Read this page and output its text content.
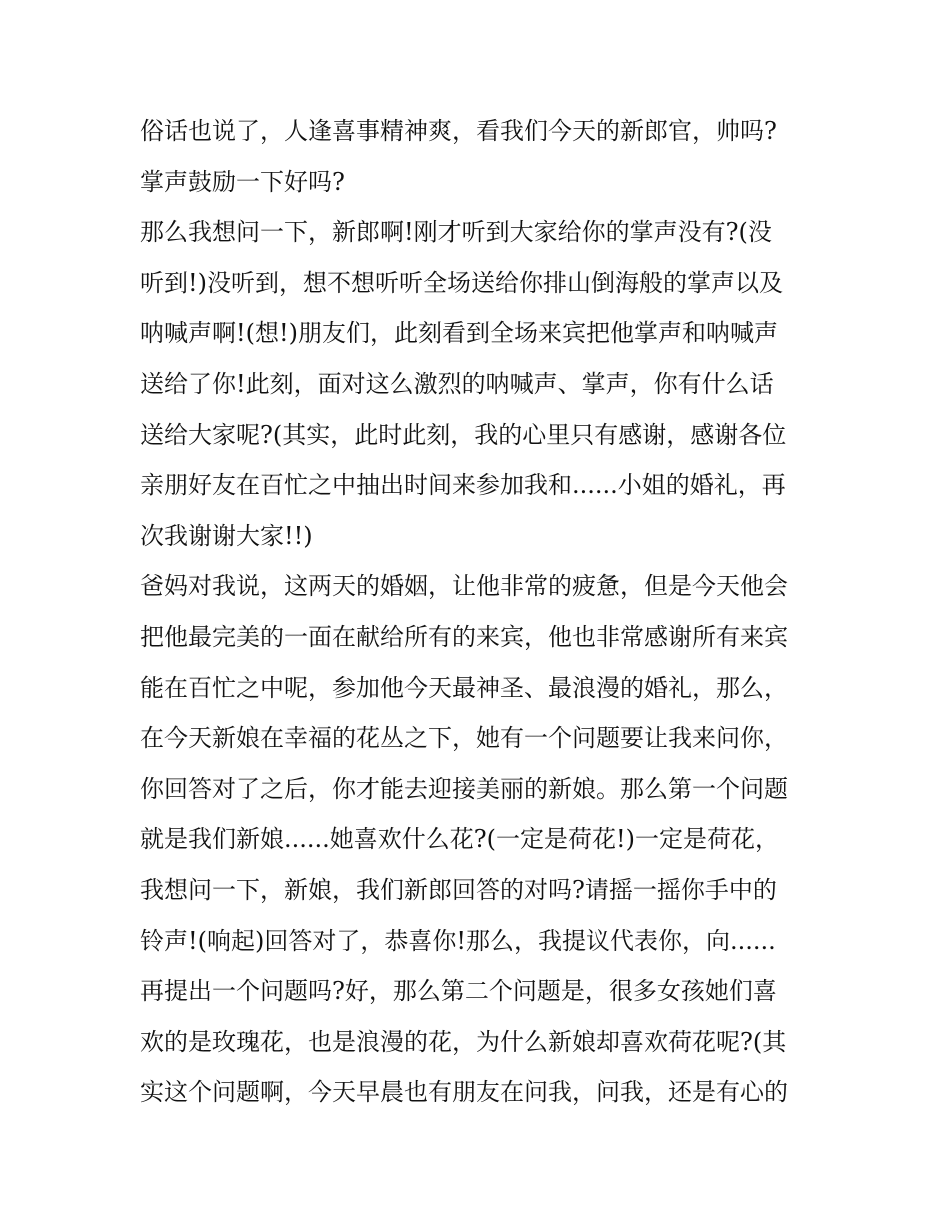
俗话也说了，人逢喜事精神爽，看我们今天的新郎官，帅吗?
掌声鼓励一下好吗?
那么我想问一下，新郎啊!刚才听到大家给你的掌声没有?(没
听到!)没听到，想不想听听全场送给你排山倒海般的掌声以及
呐喊声啊!(想!)朋友们，此刻看到全场来宾把他掌声和呐喊声
送给了你!此刻，面对这么激烈的呐喊声、掌声，你有什么话
送给大家呢?(其实，此时此刻，我的心里只有感谢，感谢各位
亲朋好友在百忙之中抽出时间来参加我和......小姐的婚礼，再
次我谢谢大家!!)
爸妈对我说，这两天的婚姻，让他非常的疲惫，但是今天他会
把他最完美的一面在献给所有的来宾，他也非常感谢所有来宾
能在百忙之中呢，参加他今天最神圣、最浪漫的婚礼，那么，
在今天新娘在幸福的花丛之下，她有一个问题要让我来问你，
你回答对了之后，你才能去迎接美丽的新娘。那么第一个问题
就是我们新娘......她喜欢什么花?(一定是荷花!)一定是荷花，
我想问一下，新娘，我们新郎回答的对吗?请摇一摇你手中的
铃声!(响起)回答对了，恭喜你!那么，我提议代表你，向......
再提出一个问题吗?好，那么第二个问题是，很多女孩她们喜
欢的是玫瑰花，也是浪漫的花，为什么新娘却喜欢荷花呢?(其
实这个问题啊，今天早晨也有朋友在问我，问我，还是有心的
